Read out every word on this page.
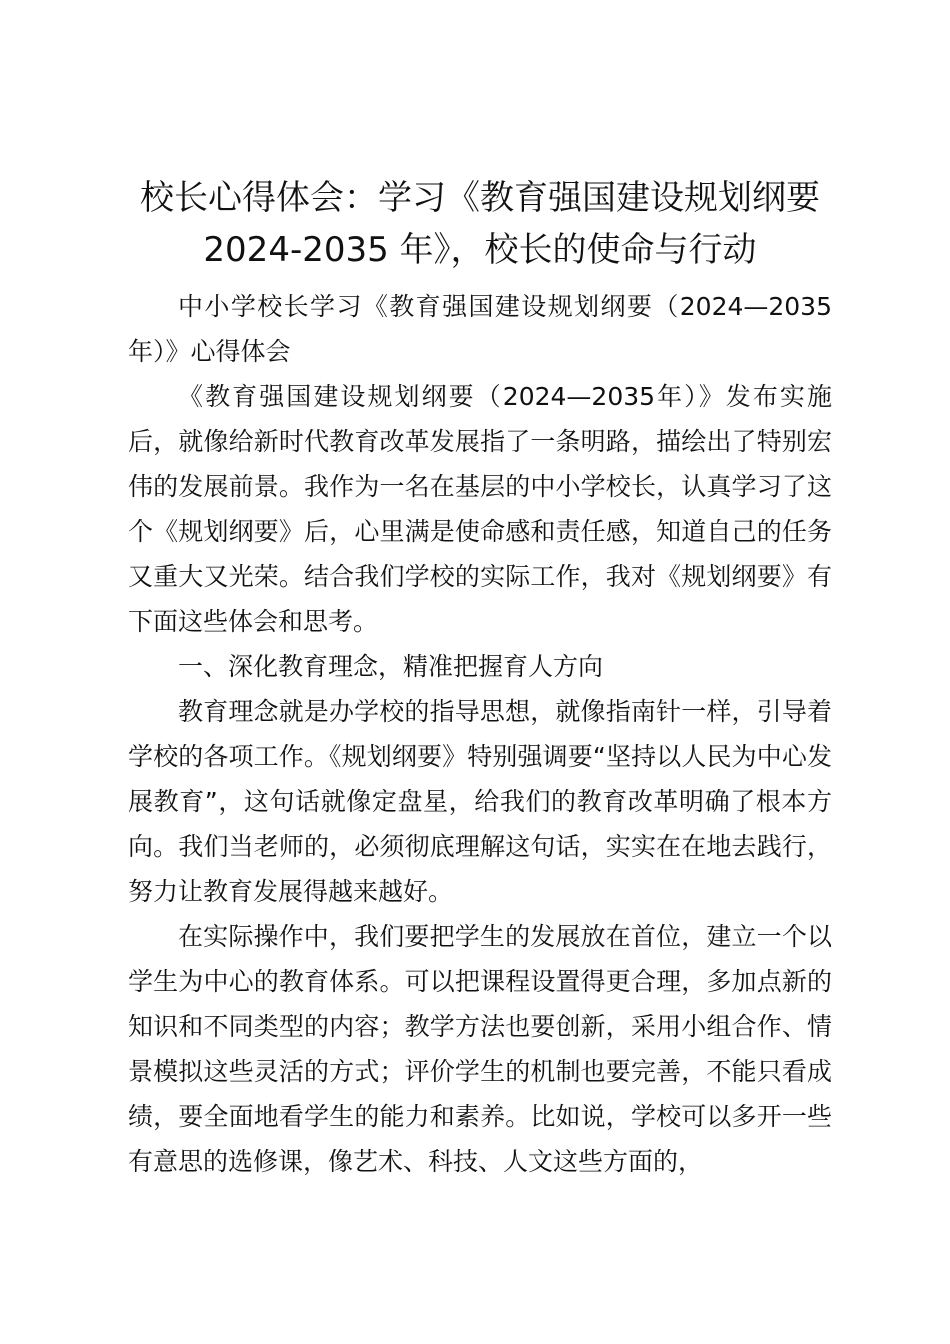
校长心得体会：学习《教育强国建设规划纲要
2024-2035 年》，校长的使命与行动

中小学校长学习《教育强国建设规划纲要（2024—2035年）》心得体会

《教育强国建设规划纲要（2024—2035年）》发布实施后，就像给新时代教育改革发展指了一条明路，描绘出了特别宏伟的发展前景。我作为一名在基层的中小学校长，认真学习了这个《规划纲要》后，心里满是使命感和责任感，知道自己的任务又重大又光荣。结合我们学校的实际工作，我对《规划纲要》有下面这些体会和思考。

一、深化教育理念，精准把握育人方向

教育理念就是办学校的指导思想，就像指南针一样，引导着学校的各项工作。《规划纲要》特别强调要“坚持以人民为中心发展教育”，这句话就像定盘星，给我们的教育改革明确了根本方向。我们当老师的，必须彻底理解这句话，实实在在地去践行，努力让教育发展得越来越好。

在实际操作中，我们要把学生的发展放在首位，建立一个以学生为中心的教育体系。可以把课程设置得更合理，多加点新的知识和不同类型的内容；教学方法也要创新，采用小组合作、情景模拟这些灵活的方式；评价学生的机制也要完善，不能只看成绩，要全面地看学生的能力和素养。比如说，学校可以多开一些有意思的选修课，像艺术、科技、人文这些方面的，
